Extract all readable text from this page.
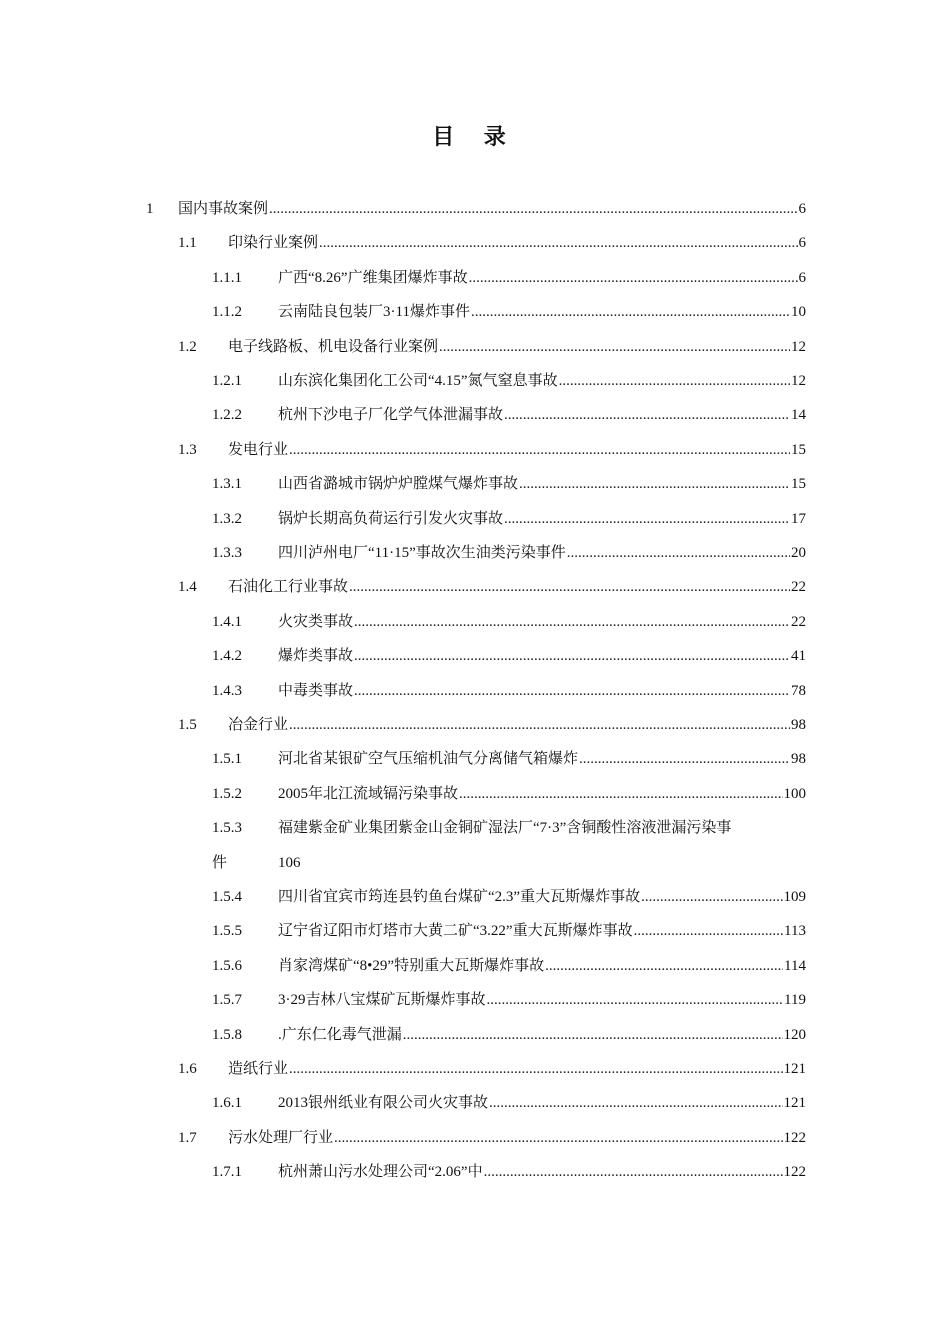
目 录
1	国内事故案例 .....	6
1.1	印染行业案例 .....	6
1.1.1	广西“8.26”广维集团爆炸事故 .....	6
1.1.2	云南陆良包装厂3·11爆炸事件 .....	10
1.2	电子线路板、机电设备行业案例 .....	12
1.2.1	山东滨化集团化工公司“4.15”氮气窒息事故 .....	12
1.2.2	杭州下沙电子厂化学气体泄漏事故 .....	14
1.3	发电行业 .....	15
1.3.1	山西省潞城市锅炉炉膛煤气爆炸事故 .....	15
1.3.2	锅炉长期高负荷运行引发火灾事故 .....	17
1.3.3	四川泸州电厂“11·15”事故次生油类污染事件 .....	20
1.4	石油化工行业事故 .....	22
1.4.1	火灾类事故 .....	22
1.4.2	爆炸类事故 .....	41
1.4.3	中毒类事故 .....	78
1.5	冶金行业 .....	98
1.5.1	河北省某银矿空气压缩机油气分离储气箱爆炸 .....	98
1.5.2	2005年北江流域镉污染事故 .....	100
1.5.3	福建紫金矿业集团紫金山金铜矿湿法厂“7·3”含铜酸性溶液泄漏污染事
件	106
1.5.4	四川省宜宾市筠连县钓鱼台煤矿“2.3”重大瓦斯爆炸事故 .....	109
1.5.5	辽宁省辽阳市灯塔市大黄二矿“3.22”重大瓦斯爆炸事故 .....	113
1.5.6	肖家湾煤矿“8•29”特别重大瓦斯爆炸事故 .....	114
1.5.7	3·29吉林八宝煤矿瓦斯爆炸事故 .....	119
1.5.8	.广东仁化毒气泄漏 .....	120
1.6	造纸行业 .....	121
1.6.1	2013银州纸业有限公司火灾事故 .....	121
1.7	污水处理厂行业 .....	122
1.7.1	杭州萧山污水处理公司“2.06”中 .....	122
